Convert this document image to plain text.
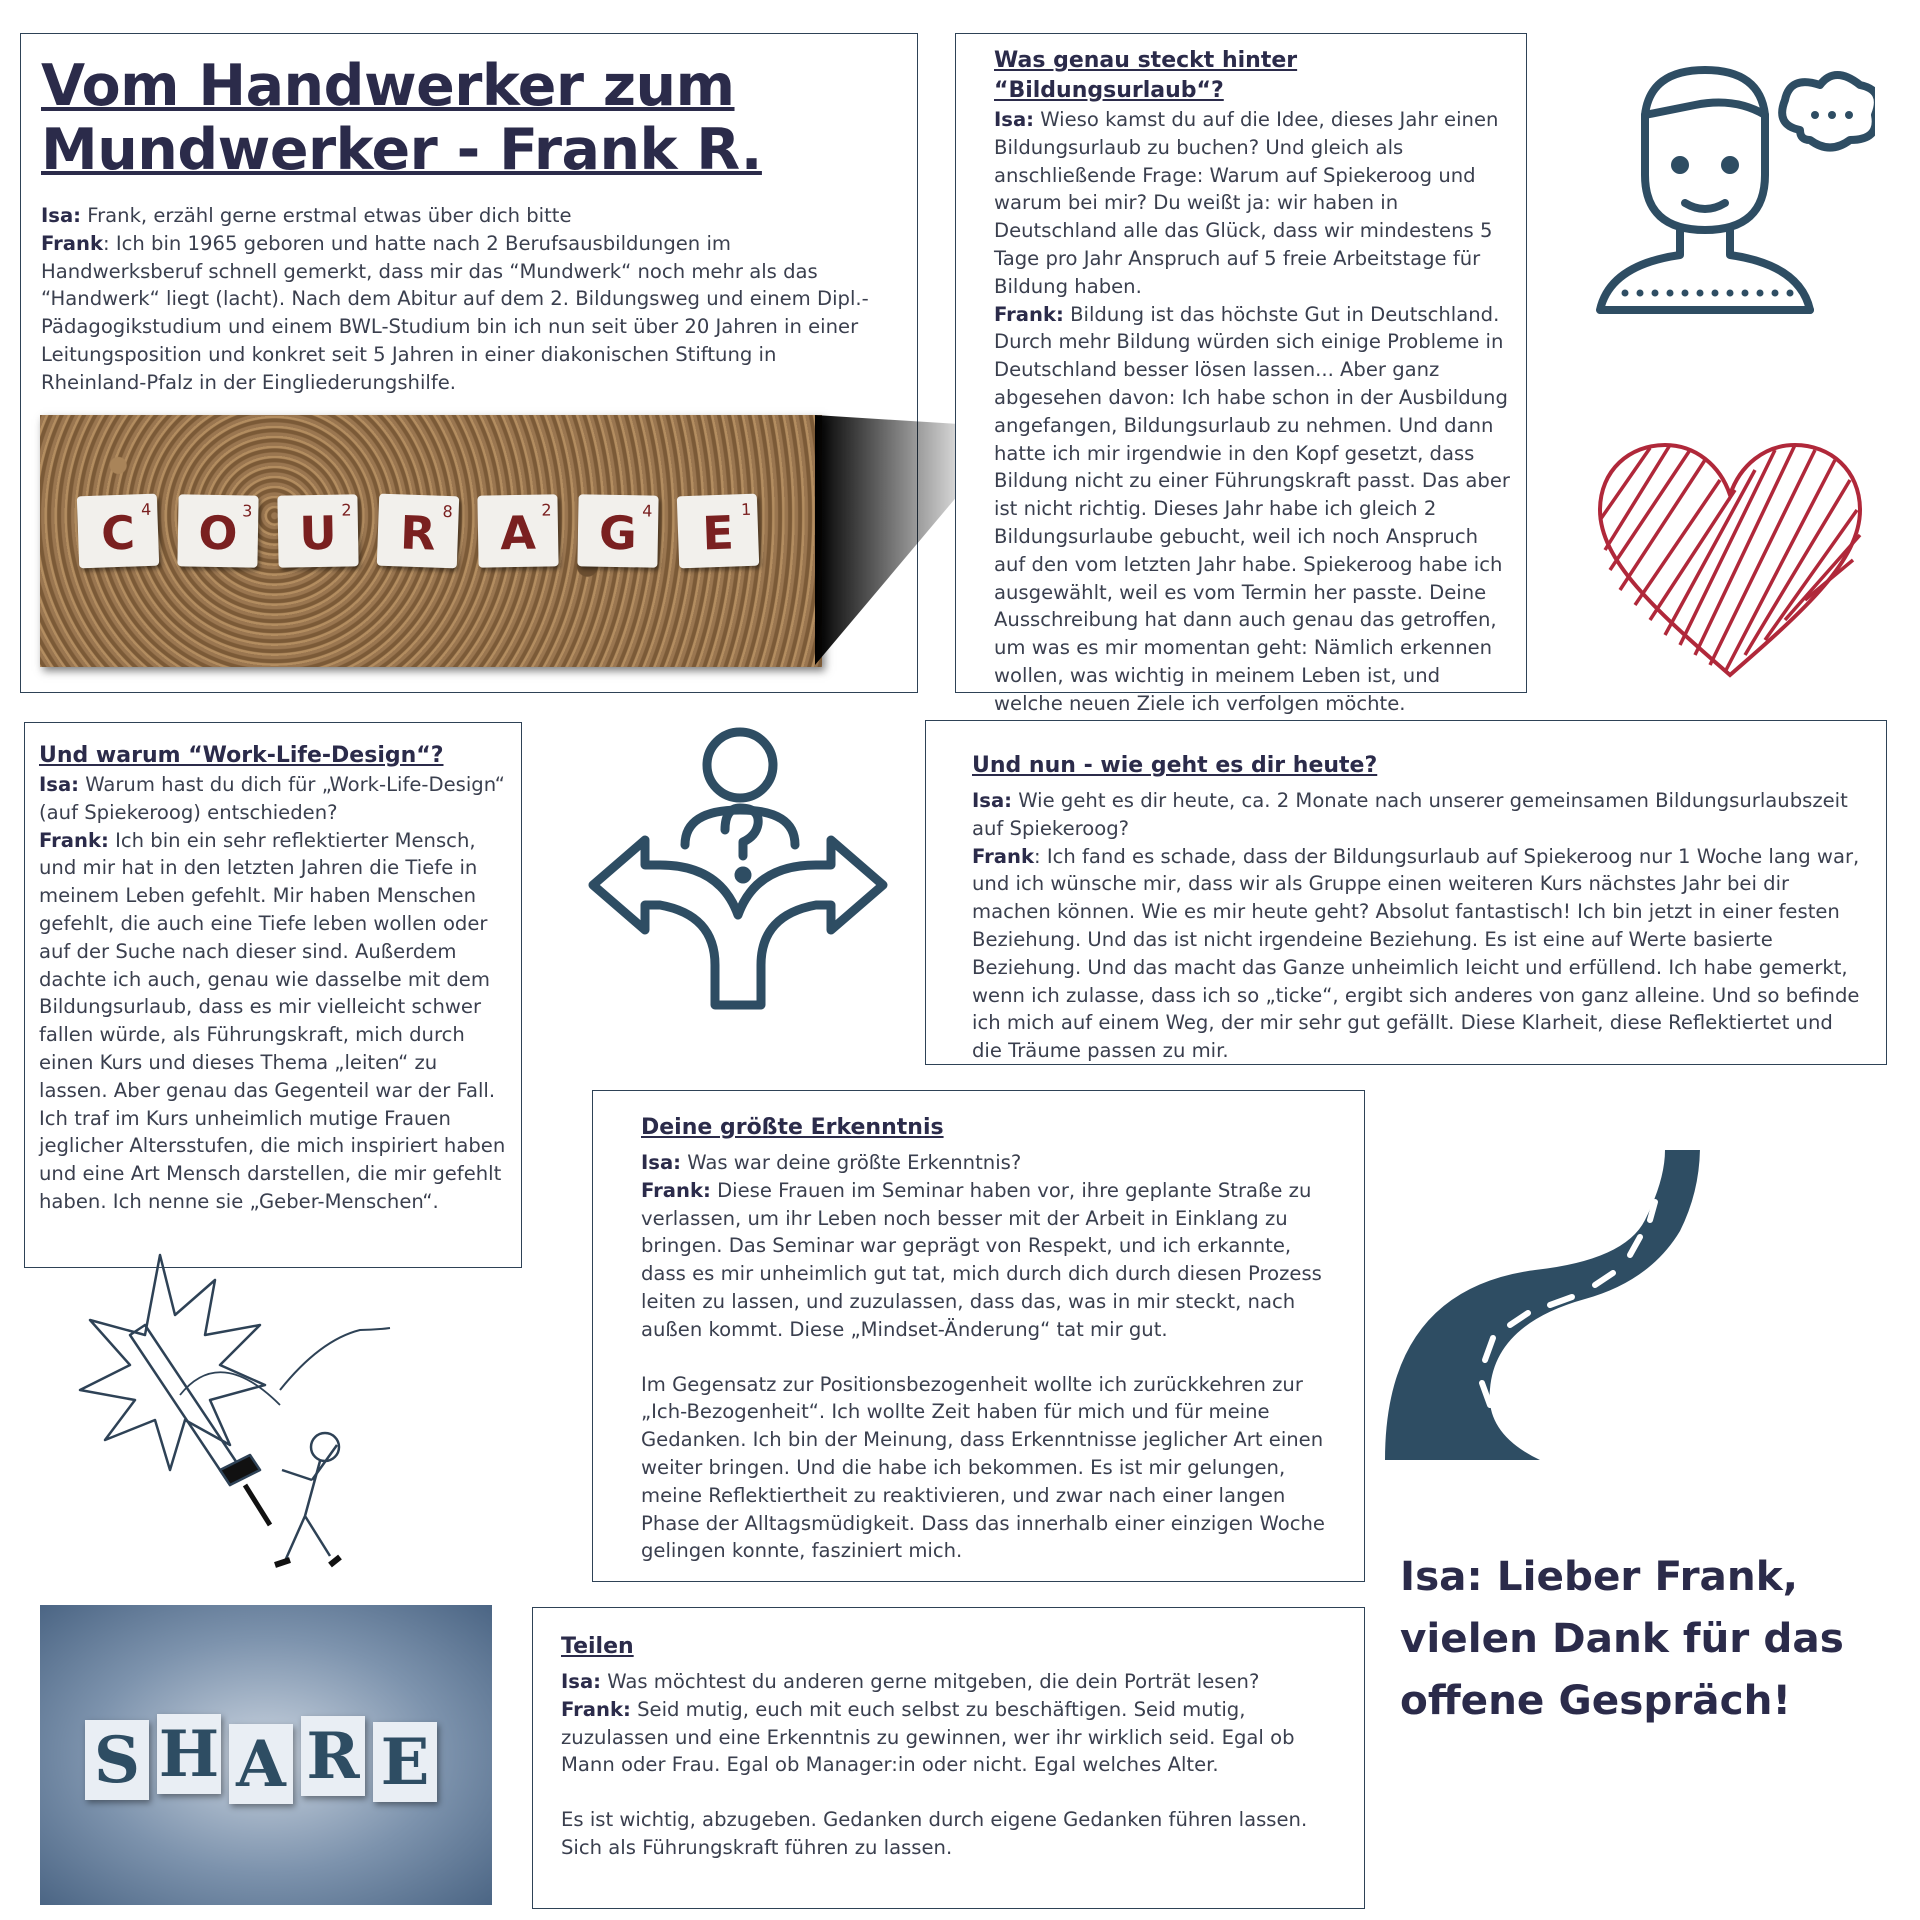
Vom Handwerker zum
Mundwerker - Frank R.

Isa: Frank, erzähl gerne erstmal etwas über dich bitte
Frank: Ich bin 1965 geboren und hatte nach 2 Berufsausbildungen im Handwerksberuf schnell gemerkt, dass mir das “Mundwerk“ noch mehr als das “Handwerk“ liegt (lacht). Nach dem Abitur auf dem 2. Bildungsweg und einem Dipl.-Pädagogikstudium und einem BWL-Studium bin ich nun seit über 20 Jahren in einer Leitungsposition und konkret seit 5 Jahren in einer diakonischen Stiftung in Rheinland-Pfalz in der Eingliederungshilfe.

C 4	O 3	U 2	R 8	A 2	G 4	E 1
Was genau steckt hinter “Bildungsurlaub“?

Isa: Wieso kamst du auf die Idee, dieses Jahr einen Bildungsurlaub zu buchen? Und gleich als anschließende Frage: Warum auf Spiekeroog und warum bei mir? Du weißt ja: wir haben in Deutschland alle das Glück, dass wir mindestens 5 Tage pro Jahr Anspruch auf 5 freie Arbeitstage für Bildung haben.
Frank: Bildung ist das höchste Gut in Deutschland. Durch mehr Bildung würden sich einige Probleme in Deutschland besser lösen lassen... Aber ganz abgesehen davon: Ich habe schon in der Ausbildung angefangen, Bildungsurlaub zu nehmen. Und dann hatte ich mir irgendwie in den Kopf gesetzt, dass Bildung nicht zu einer Führungskraft passt. Das aber ist nicht richtig. Dieses Jahr habe ich gleich 2 Bildungsurlaube gebucht, weil ich noch Anspruch auf den vom letzten Jahr habe. Spiekeroog habe ich ausgewählt, weil es vom Termin her passte. Deine Ausschreibung hat dann auch genau das getroffen, um was es mir momentan geht: Nämlich erkennen wollen, was wichtig in meinem Leben ist, und welche neuen Ziele ich verfolgen möchte.

Und warum “Work-Life-Design“?

Isa: Warum hast du dich für „Work-Life-Design“ (auf Spiekeroog) entschieden?
Frank: Ich bin ein sehr reflektierter Mensch, und mir hat in den letzten Jahren die Tiefe in meinem Leben gefehlt. Mir haben Menschen gefehlt, die auch eine Tiefe leben wollen oder auf der Suche nach dieser sind. Außerdem dachte ich auch, genau wie dasselbe mit dem Bildungsurlaub, dass es mir vielleicht schwer fallen würde, als Führungskraft, mich durch einen Kurs und dieses Thema „leiten“ zu lassen. Aber genau das Gegenteil war der Fall. Ich traf im Kurs unheimlich mutige Frauen jeglicher Altersstufen, die mich inspiriert haben und eine Art Mensch darstellen, die mir gefehlt haben. Ich nenne sie „Geber-Menschen“.

Und nun - wie geht es dir heute?

Isa: Wie geht es dir heute, ca. 2 Monate nach unserer gemeinsamen Bildungsurlaubszeit auf Spiekeroog?
Frank: Ich fand es schade, dass der Bildungsurlaub auf Spiekeroog nur 1 Woche lang war, und ich wünsche mir, dass wir als Gruppe einen weiteren Kurs nächstes Jahr bei dir machen können. Wie es mir heute geht? Absolut fantastisch! Ich bin jetzt in einer festen Beziehung. Und das ist nicht irgendeine Beziehung. Es ist eine auf Werte basierte Beziehung. Und das macht das Ganze unheimlich leicht und erfüllend. Ich habe gemerkt, wenn ich zulasse, dass ich so „ticke“, ergibt sich anderes von ganz alleine. Und so befinde ich mich auf einem Weg, der mir sehr gut gefällt. Diese Klarheit, diese Reflektiertet und die Träume passen zu mir.

Deine größte Erkenntnis

Isa: Was war deine größte Erkenntnis?
Frank: Diese Frauen im Seminar haben vor, ihre geplante Straße zu verlassen, um ihr Leben noch besser mit der Arbeit in Einklang zu bringen. Das Seminar war geprägt von Respekt, und ich erkannte, dass es mir unheimlich gut tat, mich durch dich durch diesen Prozess leiten zu lassen, und zuzulassen, dass das, was in mir steckt, nach außen kommt. Diese „Mindset-Änderung“ tat mir gut.

Im Gegensatz zur Positionsbezogenheit wollte ich zurückkehren zur „Ich-Bezogenheit“. Ich wollte Zeit haben für mich und für meine Gedanken. Ich bin der Meinung, dass Erkenntnisse jeglicher Art einen weiter bringen. Und die habe ich bekommen. Es ist mir gelungen, meine Reflektiertheit zu reaktivieren, und zwar nach einer langen Phase der Alltagsmüdigkeit. Dass das innerhalb einer einzigen Woche gelingen konnte, fasziniert mich.

S H A R E
Teilen

Isa: Was möchtest du anderen gerne mitgeben, die dein Porträt lesen?
Frank: Seid mutig, euch mit euch selbst zu beschäftigen. Seid mutig, zuzulassen und eine Erkenntnis zu gewinnen, wer ihr wirklich seid. Egal ob Mann oder Frau. Egal ob Manager:in oder nicht. Egal welches Alter.

Es ist wichtig, abzugeben. Gedanken durch eigene Gedanken führen lassen. Sich als Führungskraft führen zu lassen.

Isa: Lieber Frank,
vielen Dank für das
offene Gespräch!
